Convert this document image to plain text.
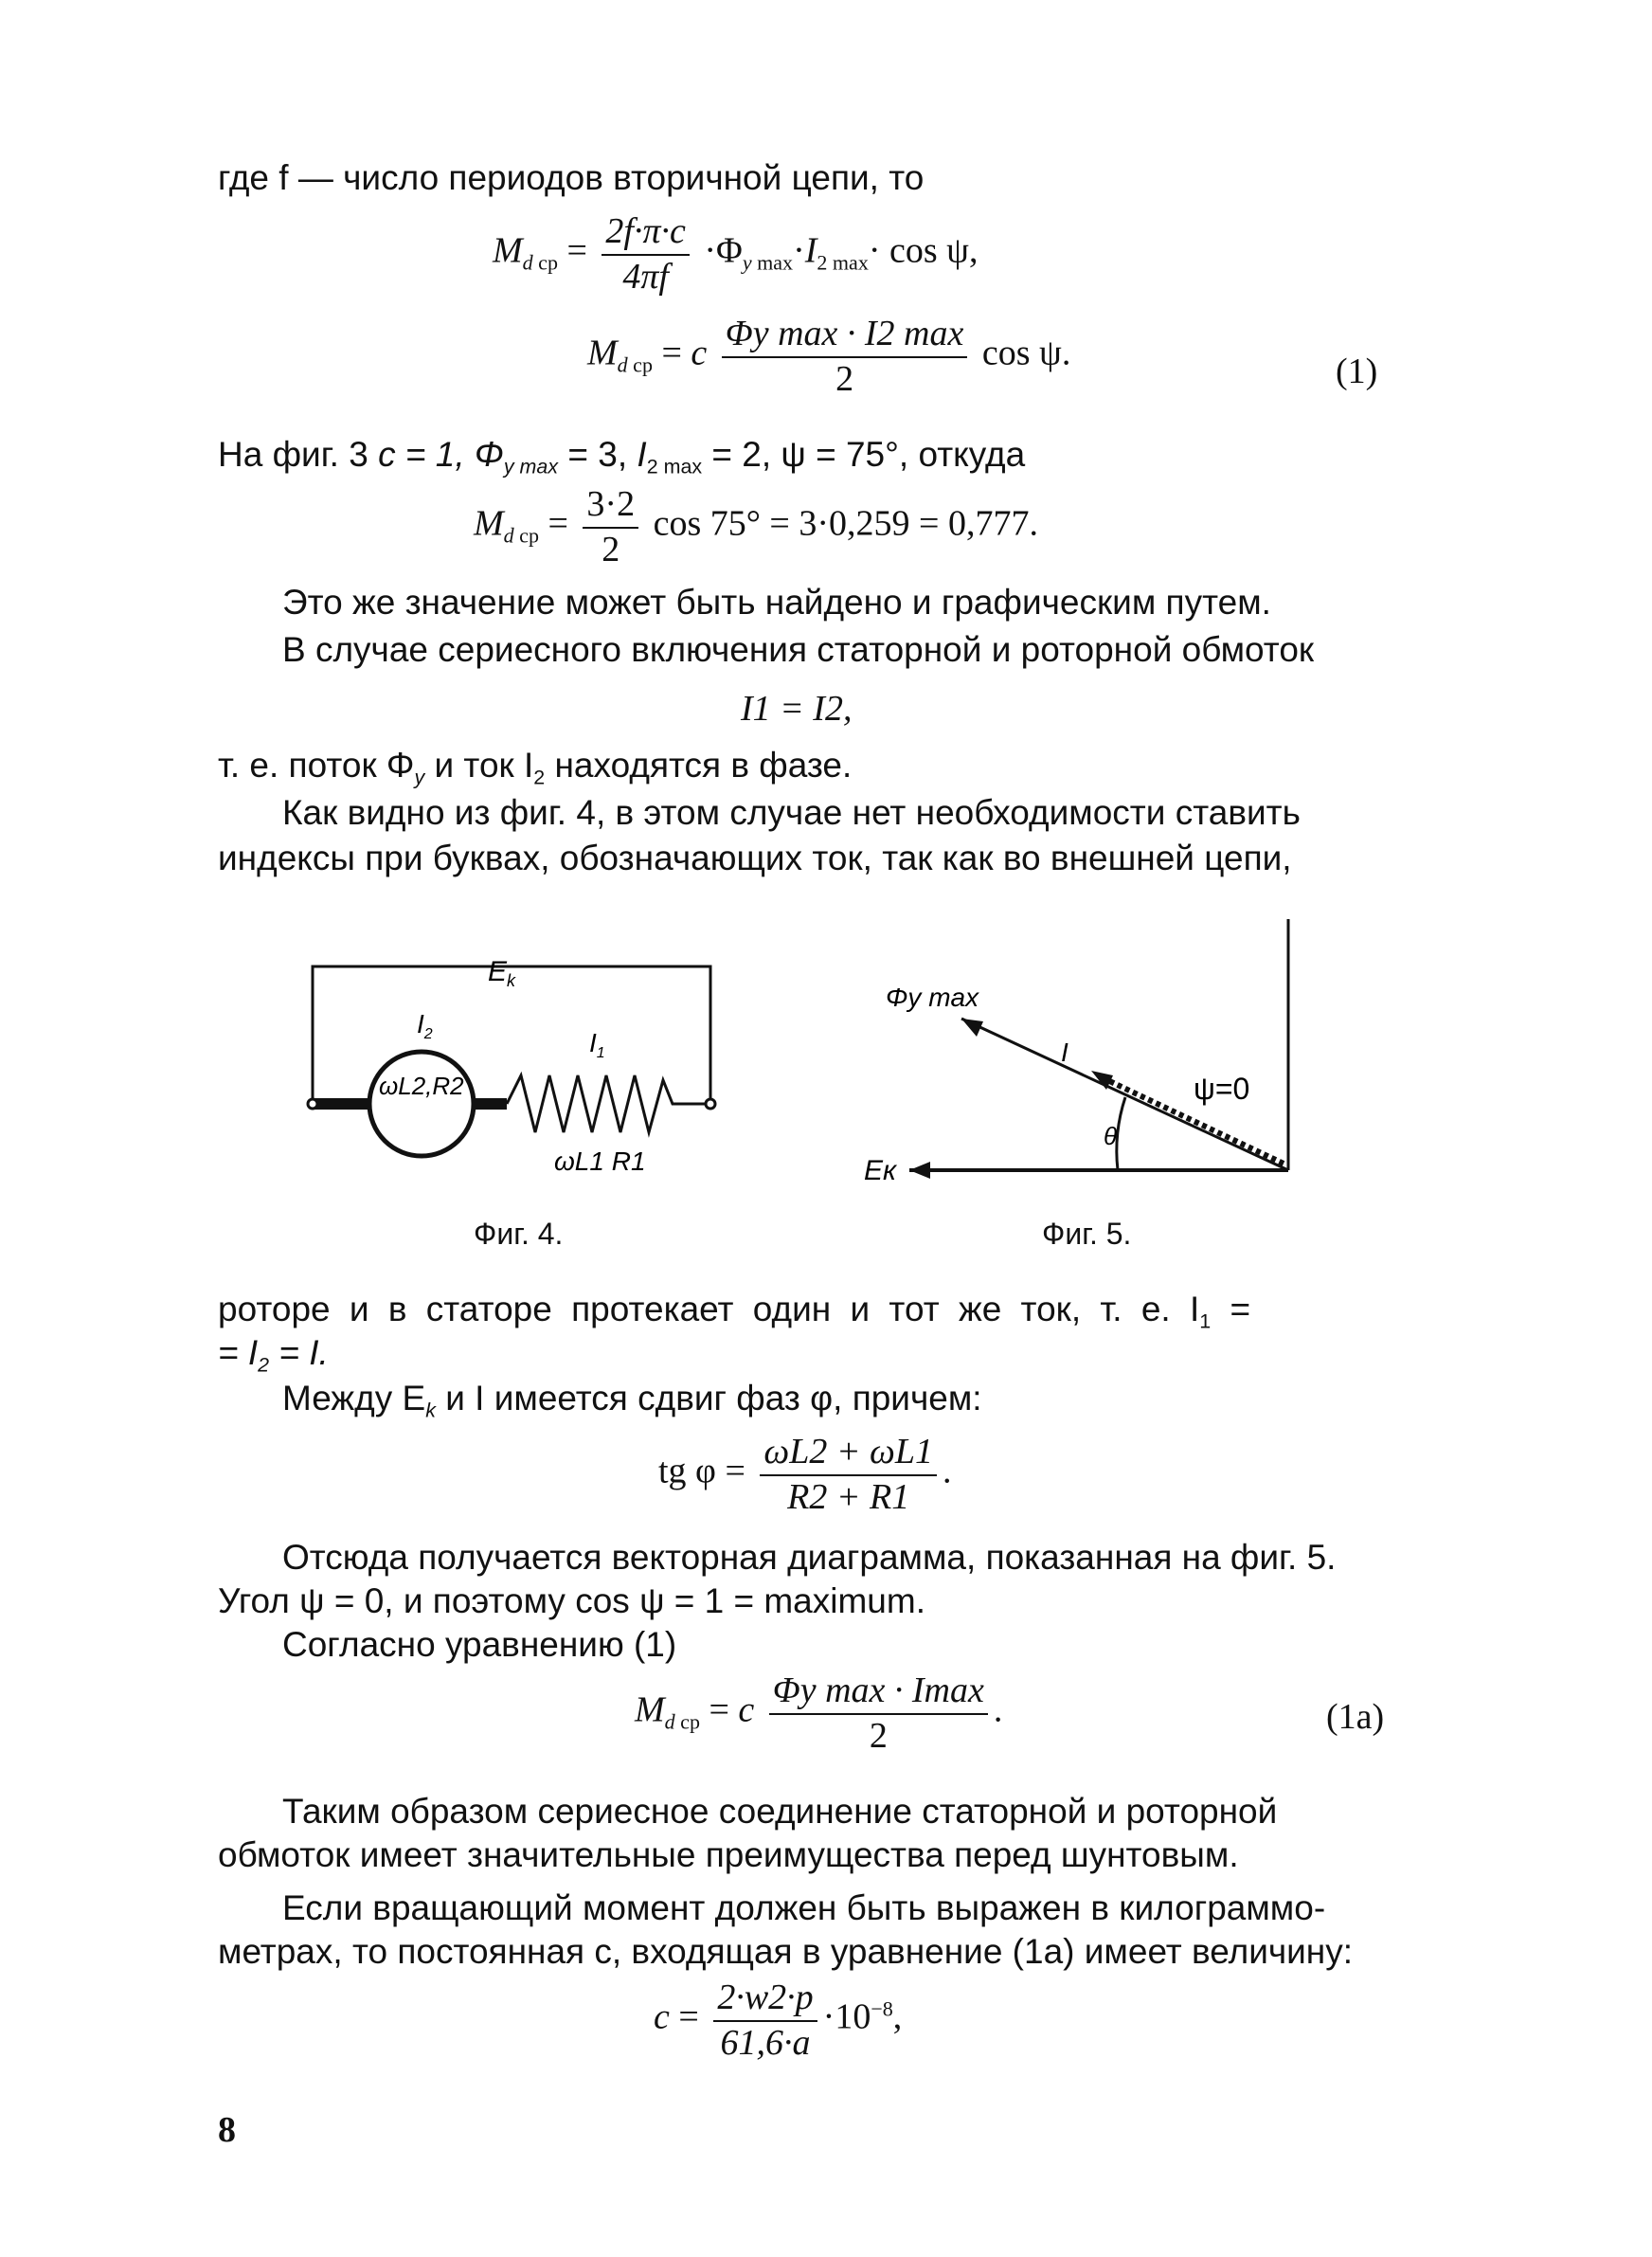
где f — число периодов вторичной цепи, то
$M_d$ $_{ср} = \frac{2f\cdot\pi\cdot c}{4\pi f} \cdot\Phi_y$ $_{max}\cdot I_{2 max}\cdot \cos \psi$,
$M_d$ $_{ср}$ = c $\frac{\text{Φy max · I2 max}}{2}$ cos ψ.	(1)
На фиг. 3 c = 1, $\Phi_{y max} = 3$, $I_{2 max} = 2$, ψ = 75°, откуда
$M_d$ $_{ср} = \frac{3\cdot 2}{2}$ cos 75° = 3·0,259 = 0,777.
Это же значение может быть найдено и графическим путем.
В случае сериесного включения статорной и роторной обмоток
I1 = I2,
т. е. поток $\Phi_y$ и ток $I_2$ находятся в фазе.
Как видно из фиг. 4, в этом случае нет необходимости ставить
индексы при буквах, обозначающих ток, так как во внешней цепи,
$E_k$
$I_2$	$I_1$
ωL2,R2
ωL1 R1
Фиг. 4.
Φy max
I
ψ=0
θ
Eк
Фиг. 5.
роторе и в статоре протекает один и тот же ток, т. е. $I_1$ =
= $I_2 = I$.
Между $E_k$ и I имеется сдвиг фаз φ, причем:
tg $\varphi = \frac{\omega L2 + \omega L1}{R2 + R1}$ .
Отсюда получается векторная диаграмма, показанная на фиг. 5.
Угол ψ = 0, и поэтому cos ψ = 1 = maximum.
Согласно уравнению (1)
$M_d$ $_{ср}$ = c $\frac{\text{Φy max · Imax}}{2}$ .	(1a)
Таким образом сериесное соединение статорной и роторной
обмоток имеет значительные преимущества перед шунтовым.
Если вращающий момент должен быть выражен в килограммо-
метрах, то постоянная c, входящая в уравнение (1a) имеет величину:
$c = \frac{2\cdot w2\cdot p}{61,6\cdot a} \cdot 10^{-8}$,
8
